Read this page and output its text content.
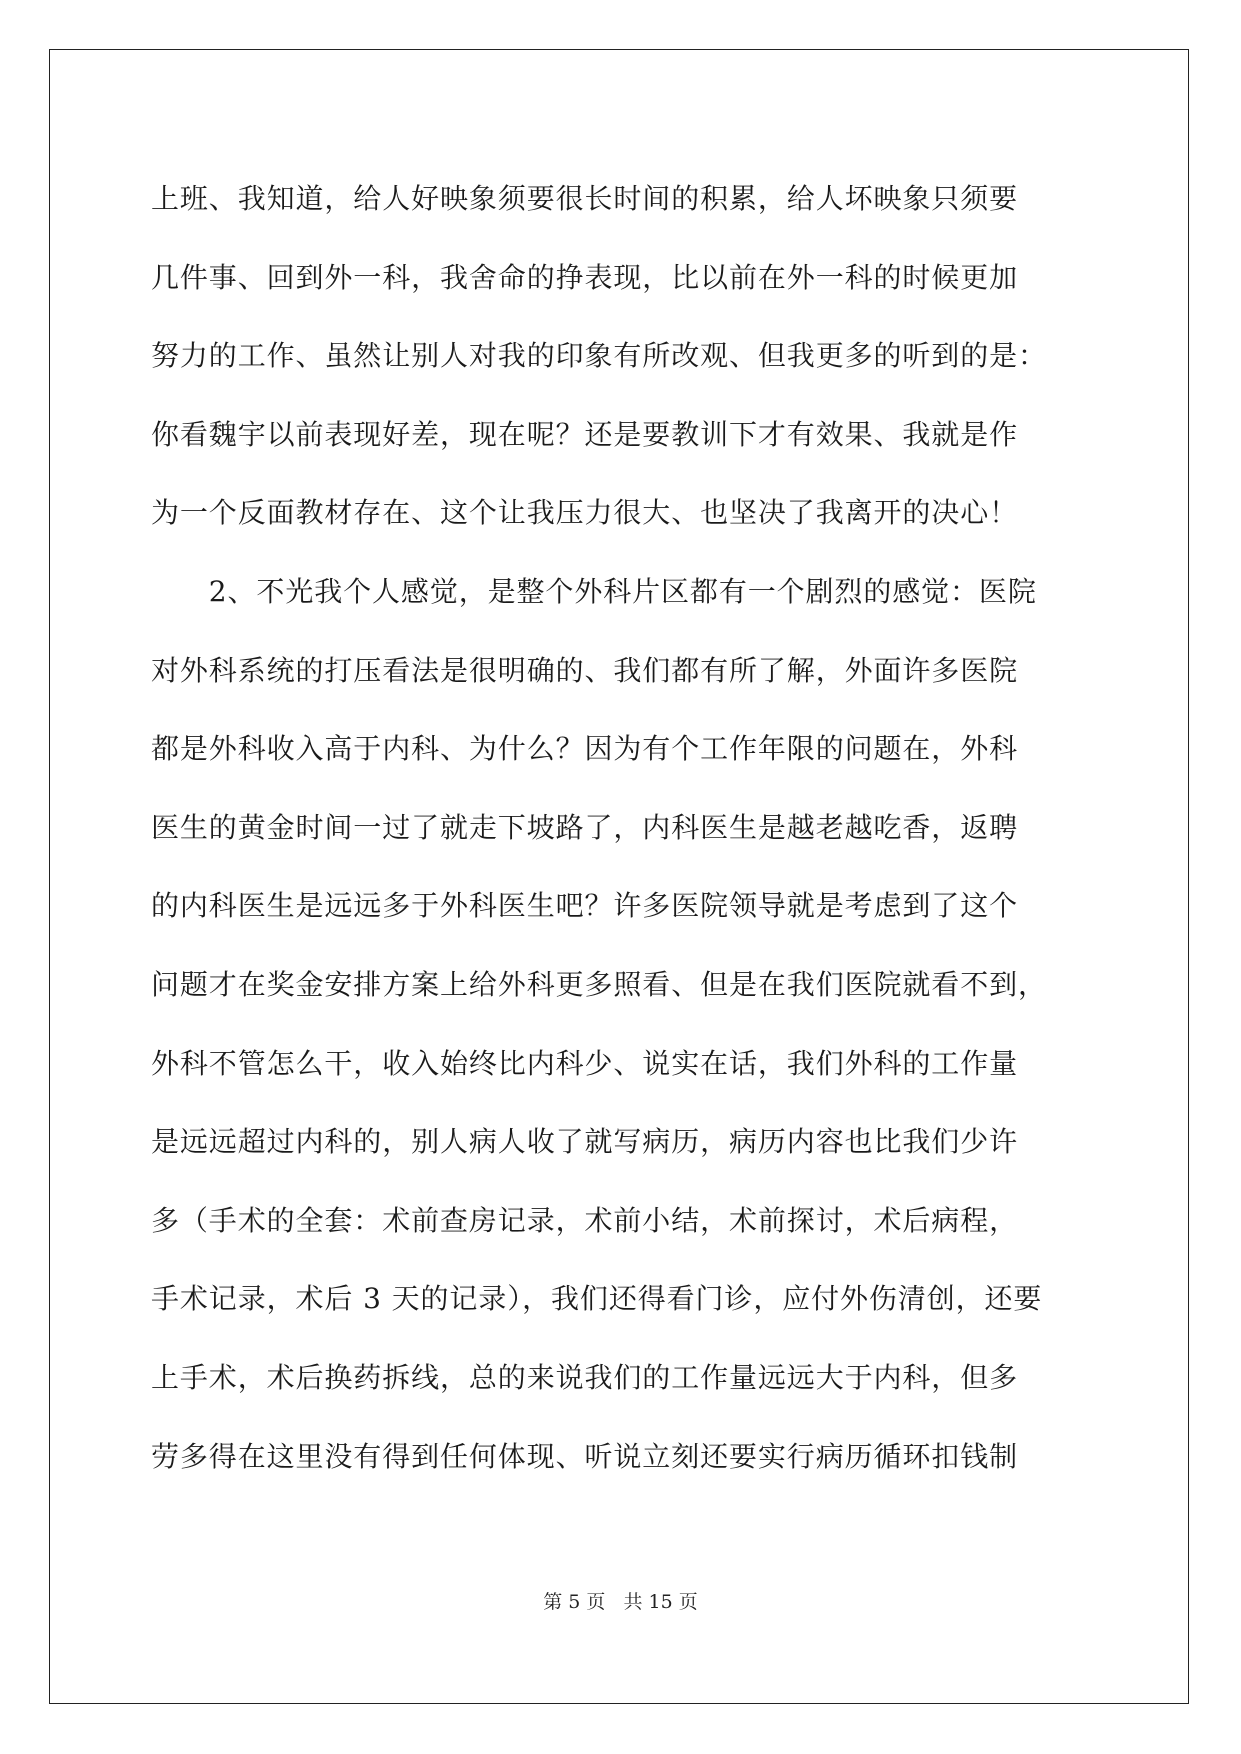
上班、我知道，给人好映象须要很长时间的积累，给人坏映象只须要
几件事、回到外一科，我舍命的挣表现，比以前在外一科的时候更加
努力的工作、虽然让别人对我的印象有所改观、但我更多的听到的是：
你看魏宇以前表现好差，现在呢？还是要教训下才有效果、我就是作
为一个反面教材存在、这个让我压力很大、也坚决了我离开的决心！
　　2、不光我个人感觉，是整个外科片区都有一个剧烈的感觉：医院
对外科系统的打压看法是很明确的、我们都有所了解，外面许多医院
都是外科收入高于内科、为什么？因为有个工作年限的问题在，外科
医生的黄金时间一过了就走下坡路了，内科医生是越老越吃香，返聘
的内科医生是远远多于外科医生吧？许多医院领导就是考虑到了这个
问题才在奖金安排方案上给外科更多照看、但是在我们医院就看不到，
外科不管怎么干，收入始终比内科少、说实在话，我们外科的工作量
是远远超过内科的，别人病人收了就写病历，病历内容也比我们少许
多（手术的全套：术前查房记录，术前小结，术前探讨，术后病程，
手术记录，术后 3 天的记录），我们还得看门诊，应付外伤清创，还要
上手术，术后换药拆线，总的来说我们的工作量远远大于内科，但多
劳多得在这里没有得到任何体现、听说立刻还要实行病历循环扣钱制
第 5 页 共 15 页
